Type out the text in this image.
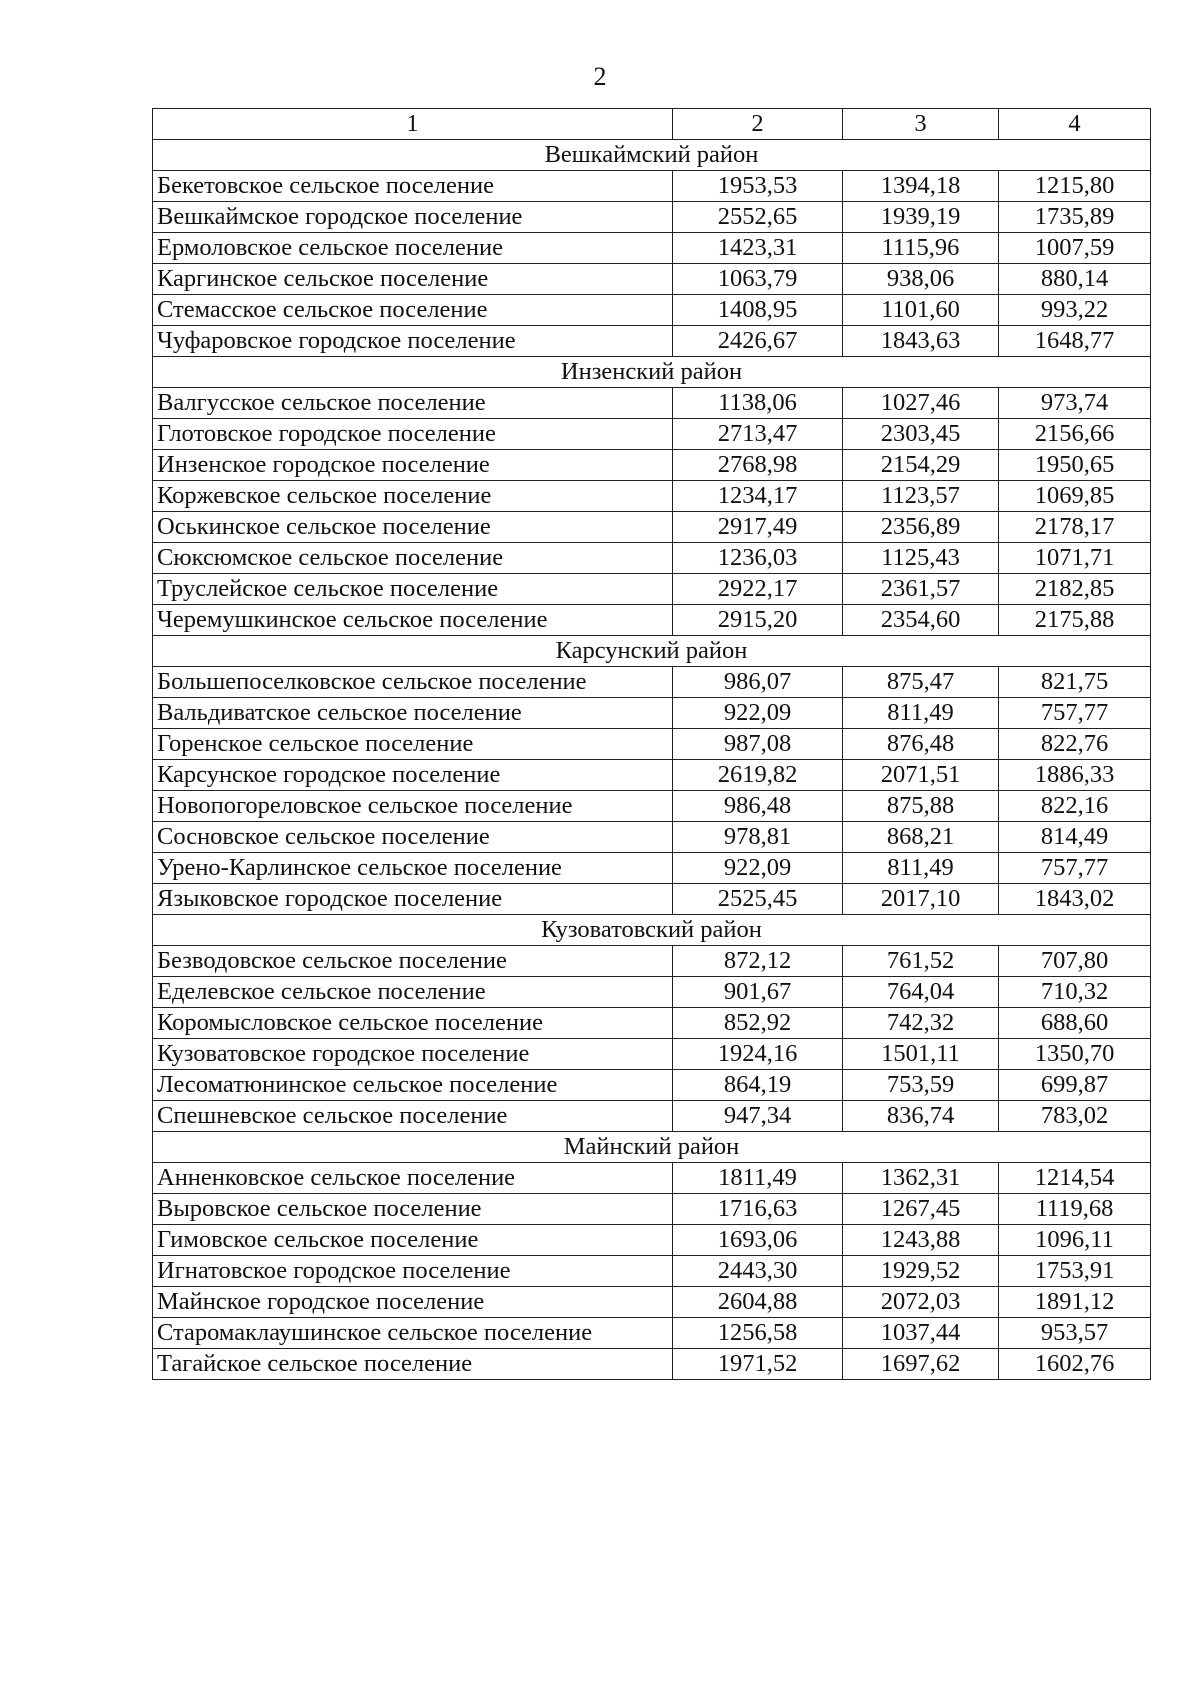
2
1	2	3	4
Вешкаймский район			
Бекетовское сельское поселение	1953,53	1394,18	1215,80
Вешкаймское городское поселение	2552,65	1939,19	1735,89
Ермоловское сельское поселение	1423,31	1115,96	1007,59
Каргинское сельское поселение	1063,79	938,06	880,14
Стемасское сельское поселение	1408,95	1101,60	993,22
Чуфаровское городское поселение	2426,67	1843,63	1648,77
Инзенский район			
Валгусское сельское поселение	1138,06	1027,46	973,74
Глотовское городское поселение	2713,47	2303,45	2156,66
Инзенское городское поселение	2768,98	2154,29	1950,65
Коржевское сельское поселение	1234,17	1123,57	1069,85
Оськинское сельское поселение	2917,49	2356,89	2178,17
Сюксюмское сельское поселение	1236,03	1125,43	1071,71
Труслейское сельское поселение	2922,17	2361,57	2182,85
Черемушкинское сельское поселение	2915,20	2354,60	2175,88
Карсунский район			
Большепоселковское сельское поселение	986,07	875,47	821,75
Вальдиватское сельское поселение	922,09	811,49	757,77
Горенское сельское поселение	987,08	876,48	822,76
Карсунское городское поселение	2619,82	2071,51	1886,33
Новопогореловское сельское поселение	986,48	875,88	822,16
Сосновское сельское поселение	978,81	868,21	814,49
Урено-Карлинское сельское поселение	922,09	811,49	757,77
Языковское городское поселение	2525,45	2017,10	1843,02
Кузоватовский район			
Безводовское сельское поселение	872,12	761,52	707,80
Еделевское сельское поселение	901,67	764,04	710,32
Коромысловское сельское поселение	852,92	742,32	688,60
Кузоватовское городское поселение	1924,16	1501,11	1350,70
Лесоматюнинское сельское поселение	864,19	753,59	699,87
Спешневское сельское поселение	947,34	836,74	783,02
Майнский район			
Анненковское сельское поселение	1811,49	1362,31	1214,54
Выровское сельское поселение	1716,63	1267,45	1119,68
Гимовское сельское поселение	1693,06	1243,88	1096,11
Игнатовское городское поселение	2443,30	1929,52	1753,91
Майнское городское поселение	2604,88	2072,03	1891,12
Старомаклаушинское сельское поселение	1256,58	1037,44	953,57
Тагайское сельское поселение	1971,52	1697,62	1602,76
